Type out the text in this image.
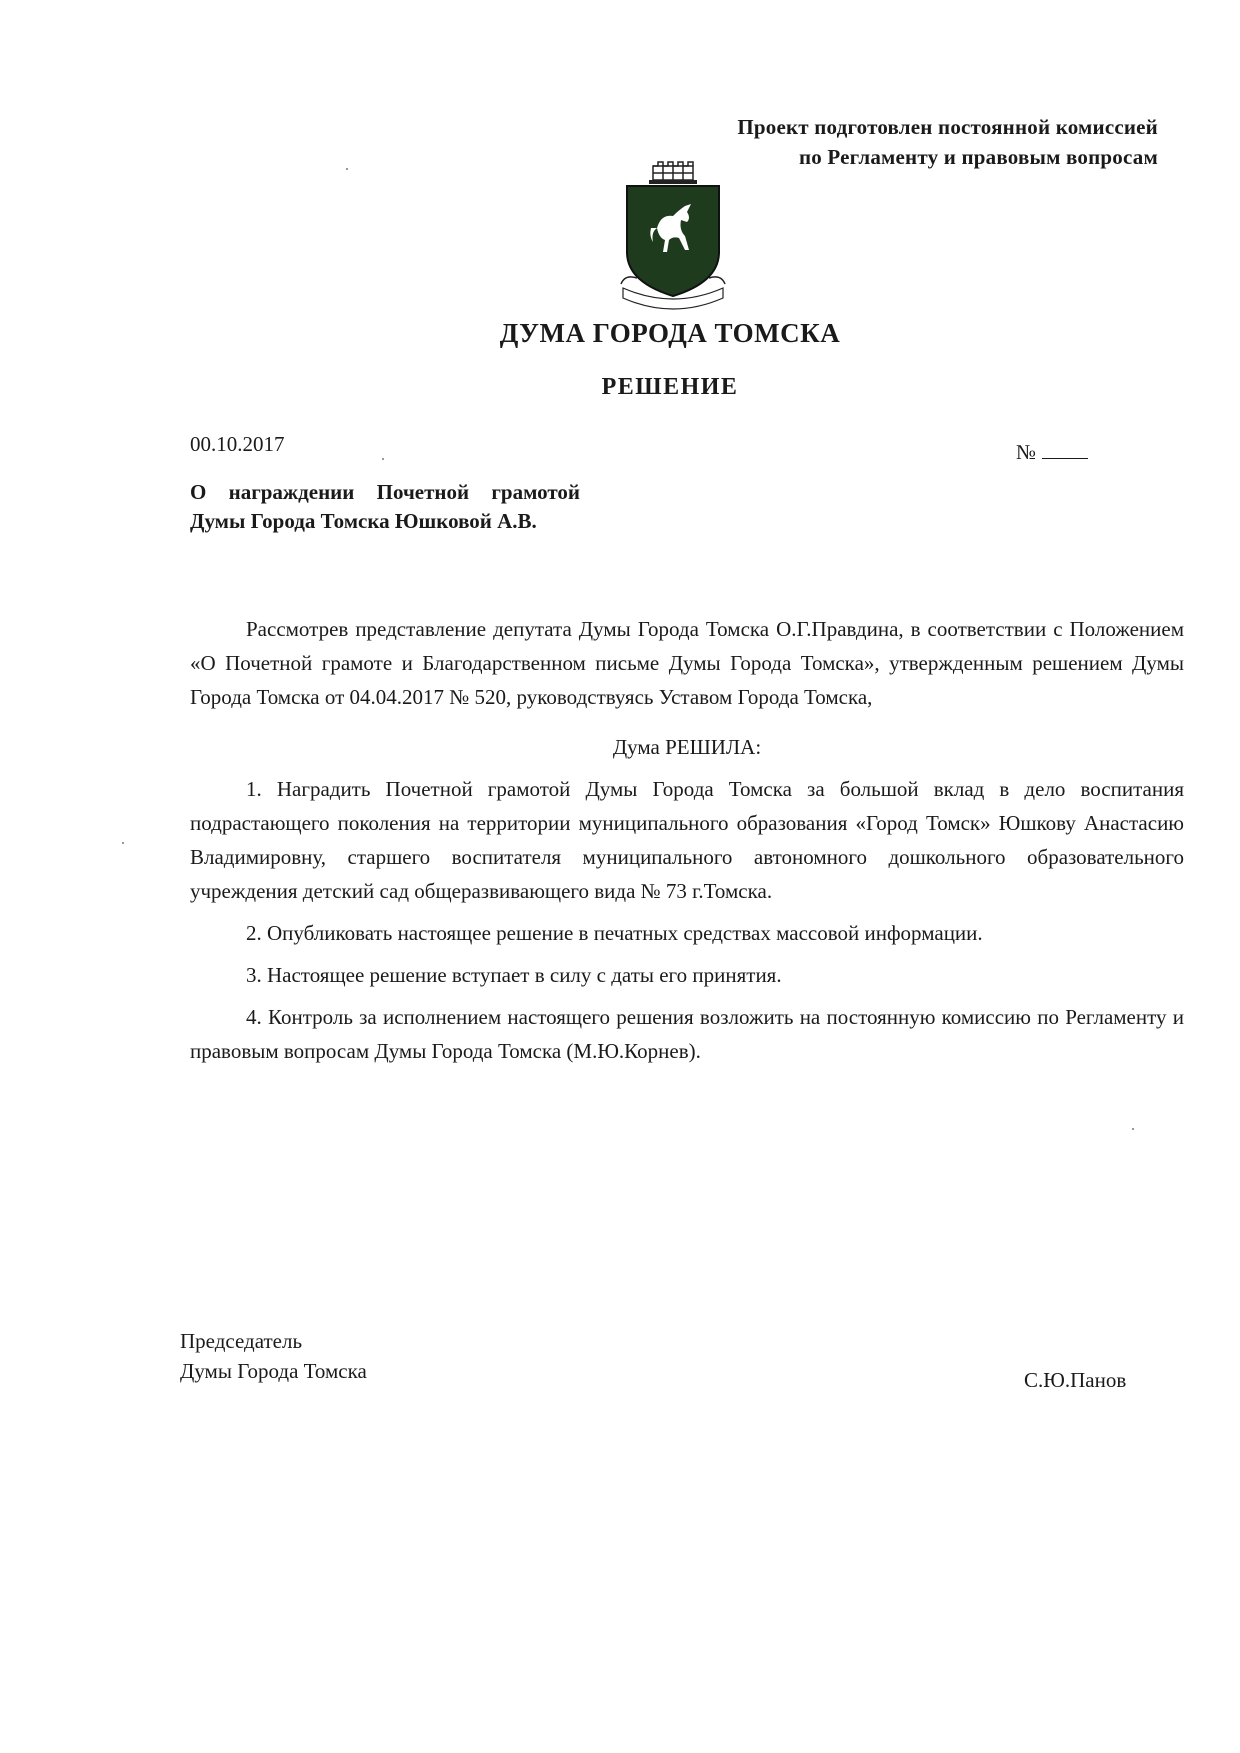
Проект подготовлен постоянной комиссией
по Регламенту и правовым вопросам
ДУМА ГОРОДА ТОМСКА
РЕШЕНИЕ
00.10.2017	№
О награждении Почетной грамотой Думы Города Томска Юшковой А.В.

Рассмотрев представление депутата Думы Города Томска О.Г.Правдина, в соответствии с Положением «О Почетной грамоте и Благодарственном письме Думы Города Томска», утвержденным решением Думы Города Томска от 04.04.2017 № 520, руководствуясь Уставом Города Томска,

Дума РЕШИЛА:

1. Наградить Почетной грамотой Думы Города Томска за большой вклад в дело воспитания подрастающего поколения на территории муниципального образования «Город Томск» Юшкову Анастасию Владимировну, старшего воспитателя муниципального автономного дошкольного образовательного учреждения детский сад общеразвивающего вида № 73 г.Томска.

2. Опубликовать настоящее решение в печатных средствах массовой информации.

3. Настоящее решение вступает в силу с даты его принятия.

4. Контроль за исполнением настоящего решения возложить на постоянную комиссию по Регламенту и правовым вопросам Думы Города Томска (М.Ю.Корнев).

Председатель
Думы Города Томска	С.Ю.Панов
